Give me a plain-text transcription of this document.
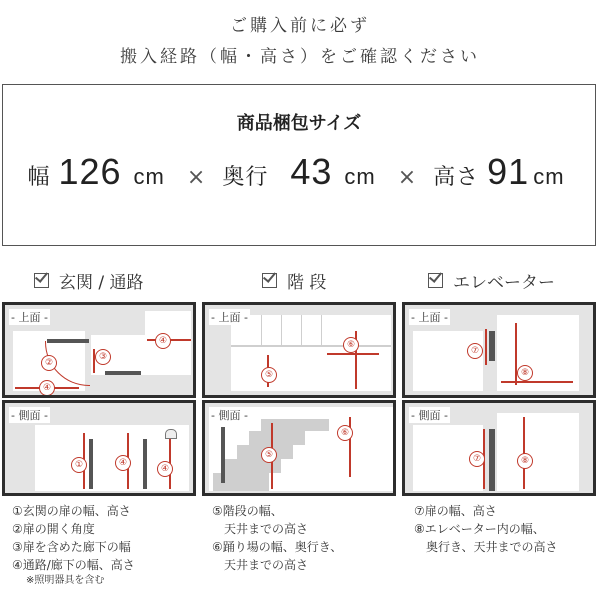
ご購入前に必ず
搬入経路（幅・高さ）をご確認ください
商品梱包サイズ
幅 126 cm × 奥行 43 cm × 高さ 91 cm
玄関 / 通路	階 段	エレベーター
- 上面 -
②
④
③
④
- 側面 -
①	④
④
- 上面 -
⑤
⑥
- 側面 -
⑤
⑥
- 上面 -
⑦
⑧
- 側面 -
⑦	⑧
①玄関の扉の幅、高さ
②扉の開く角度
③扉を含めた廊下の幅
④通路/廊下の幅、高さ
※照明器具を含む
⑤階段の幅、
　天井までの高さ
⑥踊り場の幅、奥行き、
　天井までの高さ
⑦扉の幅、高さ
⑧エレベーター内の幅、
　奥行き、天井までの高さ
